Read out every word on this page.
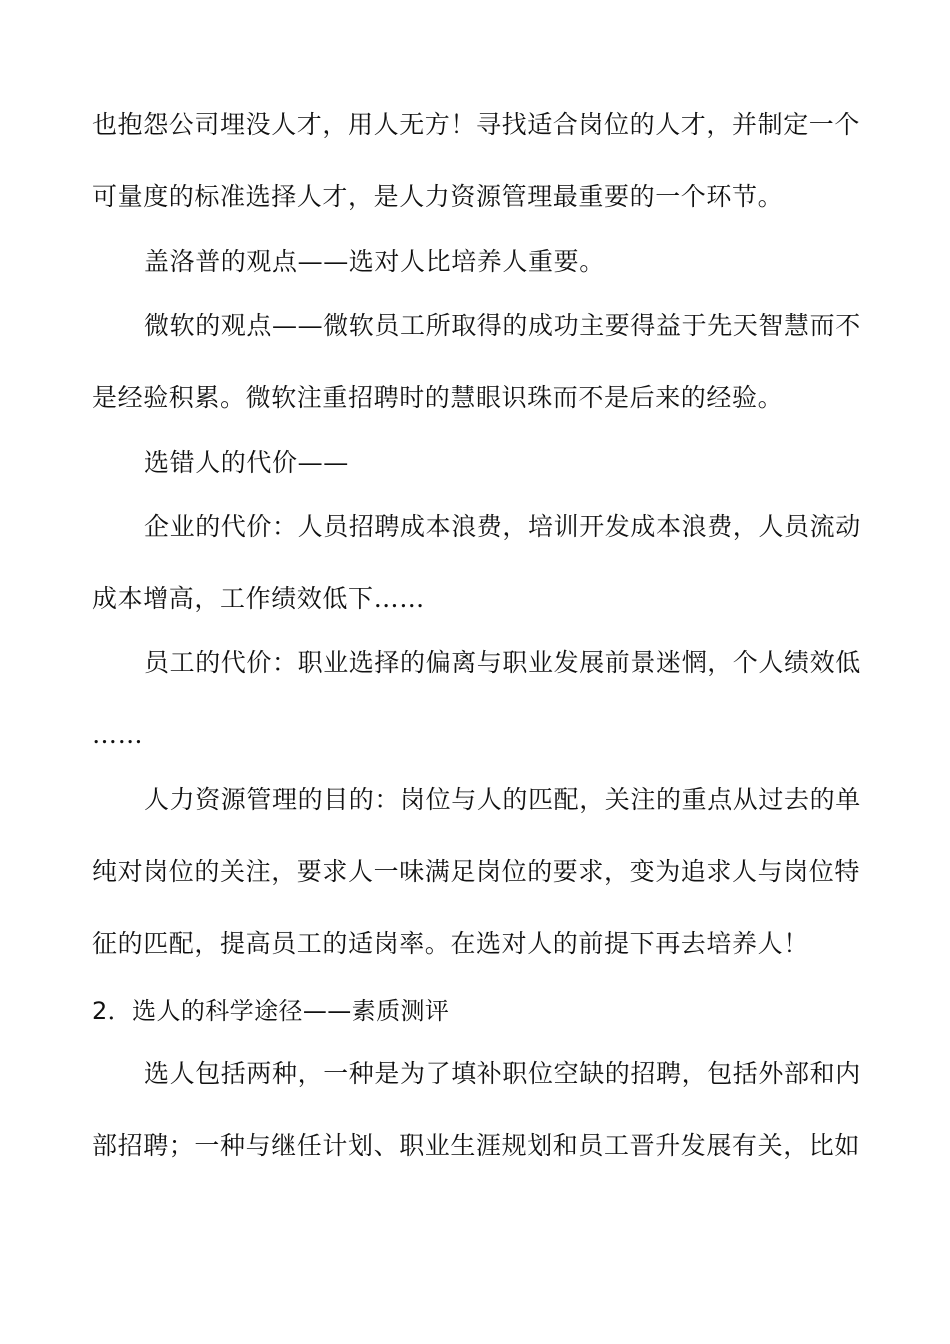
也抱怨公司埋没人才，用人无方！寻找适合岗位的人才，并制定一个
可量度的标准选择人才，是人力资源管理最重要的一个环节。
盖洛普的观点——选对人比培养人重要。
微软的观点——微软员工所取得的成功主要得益于先天智慧而不
是经验积累。微软注重招聘时的慧眼识珠而不是后来的经验。
选错人的代价——
企业的代价：人员招聘成本浪费，培训开发成本浪费，人员流动
成本增高，工作绩效低下……
员工的代价：职业选择的偏离与职业发展前景迷惘，个人绩效低
……
人力资源管理的目的：岗位与人的匹配，关注的重点从过去的单
纯对岗位的关注，要求人一味满足岗位的要求，变为追求人与岗位特
征的匹配，提高员工的适岗率。在选对人的前提下再去培养人！
2．选人的科学途径——素质测评
选人包括两种，一种是为了填补职位空缺的招聘，包括外部和内
部招聘；一种与继任计划、职业生涯规划和员工晋升发展有关，比如
